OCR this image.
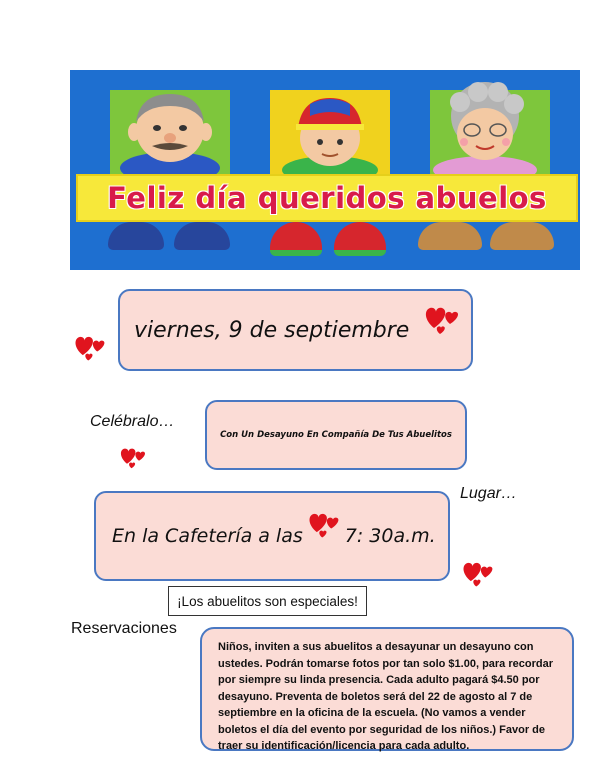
Feliz día queridos abuelos
viernes, 9 de septiembre
Celébralo…
Con Un Desayuno En Compañía De Tus Abuelitos
Lugar…
En la Cafetería a las 7: 30a.m.
¡Los abuelitos son especiales!
Reservaciones

Niños, inviten a sus abuelitos a desayunar un desayuno con ustedes. Podrán tomarse fotos por tan solo $1.00, para recordar por siempre su linda presencia. Cada adulto pagará $4.50 por desayuno. Preventa de boletos será del 22 de agosto al 7 de septiembre en la oficina de la escuela. (No vamos a vender boletos el día del evento por seguridad de los niños.) Favor de traer su identificación/licencia para cada adulto.
